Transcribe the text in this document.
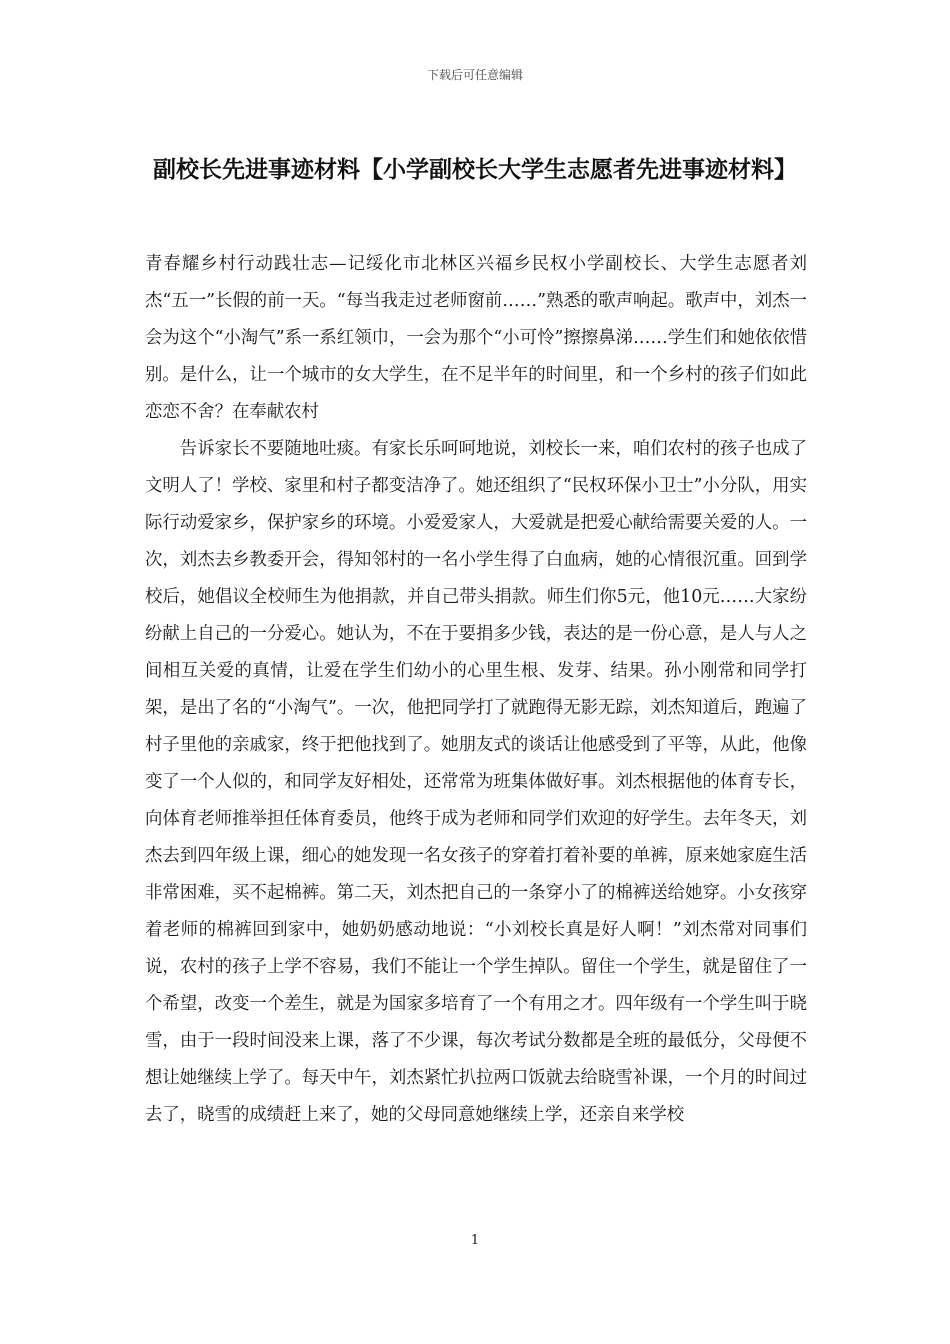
下载后可任意编辑
副校长先进事迹材料【小学副校长大学生志愿者先进事迹材料】

青春耀乡村行动践壮志—记绥化市北林区兴福乡民权小学副校长、大学生志愿者刘杰“五一”长假的前一天。“每当我走过老师窗前……”熟悉的歌声响起。歌声中，刘杰一会为这个“小淘气”系一系红领巾，一会为那个“小可怜”擦擦鼻涕……学生们和她依依惜别。是什么，让一个城市的女大学生，在不足半年的时间里，和一个乡村的孩子们如此恋恋不舍？在奉献农村

告诉家长不要随地吐痰。有家长乐呵呵地说，刘校长一来，咱们农村的孩子也成了文明人了！学校、家里和村子都变洁净了。她还组织了“民权环保小卫士”小分队，用实际行动爱家乡，保护家乡的环境。小爱爱家人，大爱就是把爱心献给需要关爱的人。一次，刘杰去乡教委开会，得知邻村的一名小学生得了白血病，她的心情很沉重。回到学校后，她倡议全校师生为他捐款，并自己带头捐款。师生们你5元，他10元……大家纷纷献上自己的一分爱心。她认为，不在于要捐多少钱，表达的是一份心意，是人与人之间相互关爱的真情，让爱在学生们幼小的心里生根、发芽、结果。孙小刚常和同学打架，是出了名的“小淘气”。一次，他把同学打了就跑得无影无踪，刘杰知道后，跑遍了村子里他的亲戚家，终于把他找到了。她朋友式的谈话让他感受到了平等，从此，他像变了一个人似的，和同学友好相处，还常常为班集体做好事。刘杰根据他的体育专长，向体育老师推举担任体育委员，他终于成为老师和同学们欢迎的好学生。去年冬天，刘杰去到四年级上课，细心的她发现一名女孩子的穿着打着补要的单裤，原来她家庭生活非常困难，买不起棉裤。第二天，刘杰把自己的一条穿小了的棉裤送给她穿。小女孩穿着老师的棉裤回到家中，她奶奶感动地说：“小刘校长真是好人啊！”刘杰常对同事们说，农村的孩子上学不容易，我们不能让一个学生掉队。留住一个学生，就是留住了一个希望，改变一个差生，就是为国家多培育了一个有用之才。四年级有一个学生叫于晓雪，由于一段时间没来上课，落了不少课，每次考试分数都是全班的最低分，父母便不想让她继续上学了。每天中午，刘杰紧忙扒拉两口饭就去给晓雪补课，一个月的时间过去了，晓雪的成绩赶上来了，她的父母同意她继续上学，还亲自来学校

1
